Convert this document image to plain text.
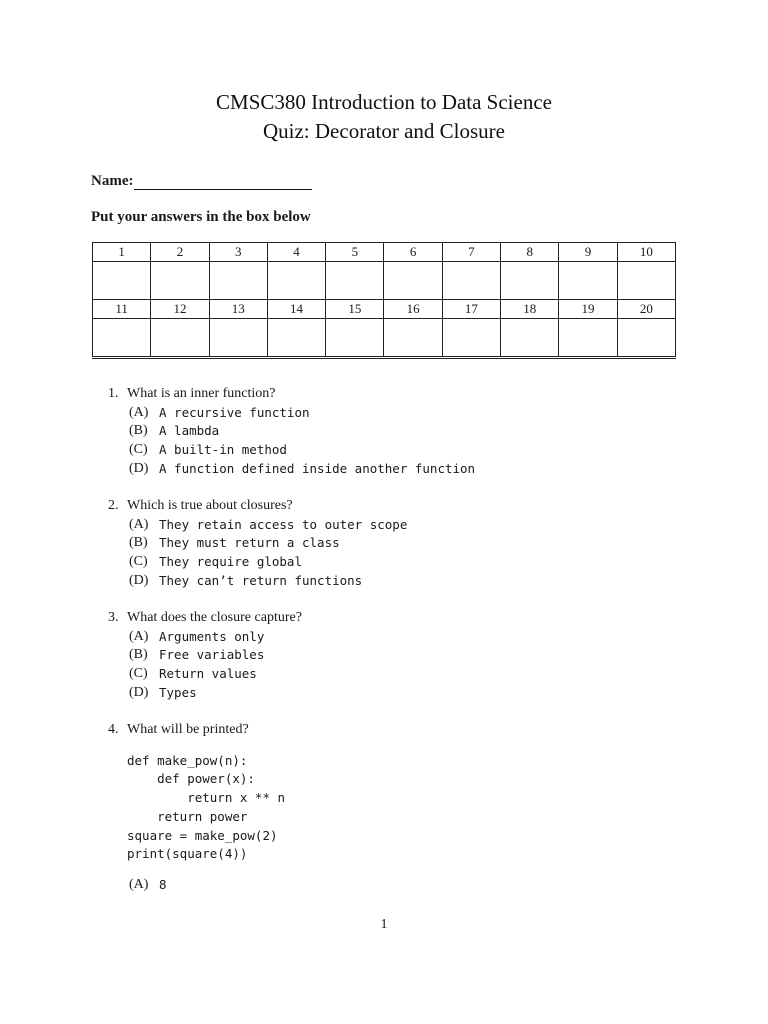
CMSC380 Introduction to Data Science
Quiz: Decorator and Closure
Name:
Put your answers in the box below
1	2	3	4	5	6	7	8	9	10

11	12	13	14	15	16	17	18	19	20

1. What is an inner function?
(A) A recursive function
(B) A lambda
(C) A built-in method
(D) A function defined inside another function
2. Which is true about closures?
(A) They retain access to outer scope
(B) They must return a class
(C) They require global
(D) They can’t return functions
3. What does the closure capture?
(A) Arguments only
(B) Free variables
(C) Return values
(D) Types
4. What will be printed?
def make_pow(n):
def power(x):
return x ** n
return power
square = make_pow(2)
print(square(4))
(A) 8
1
